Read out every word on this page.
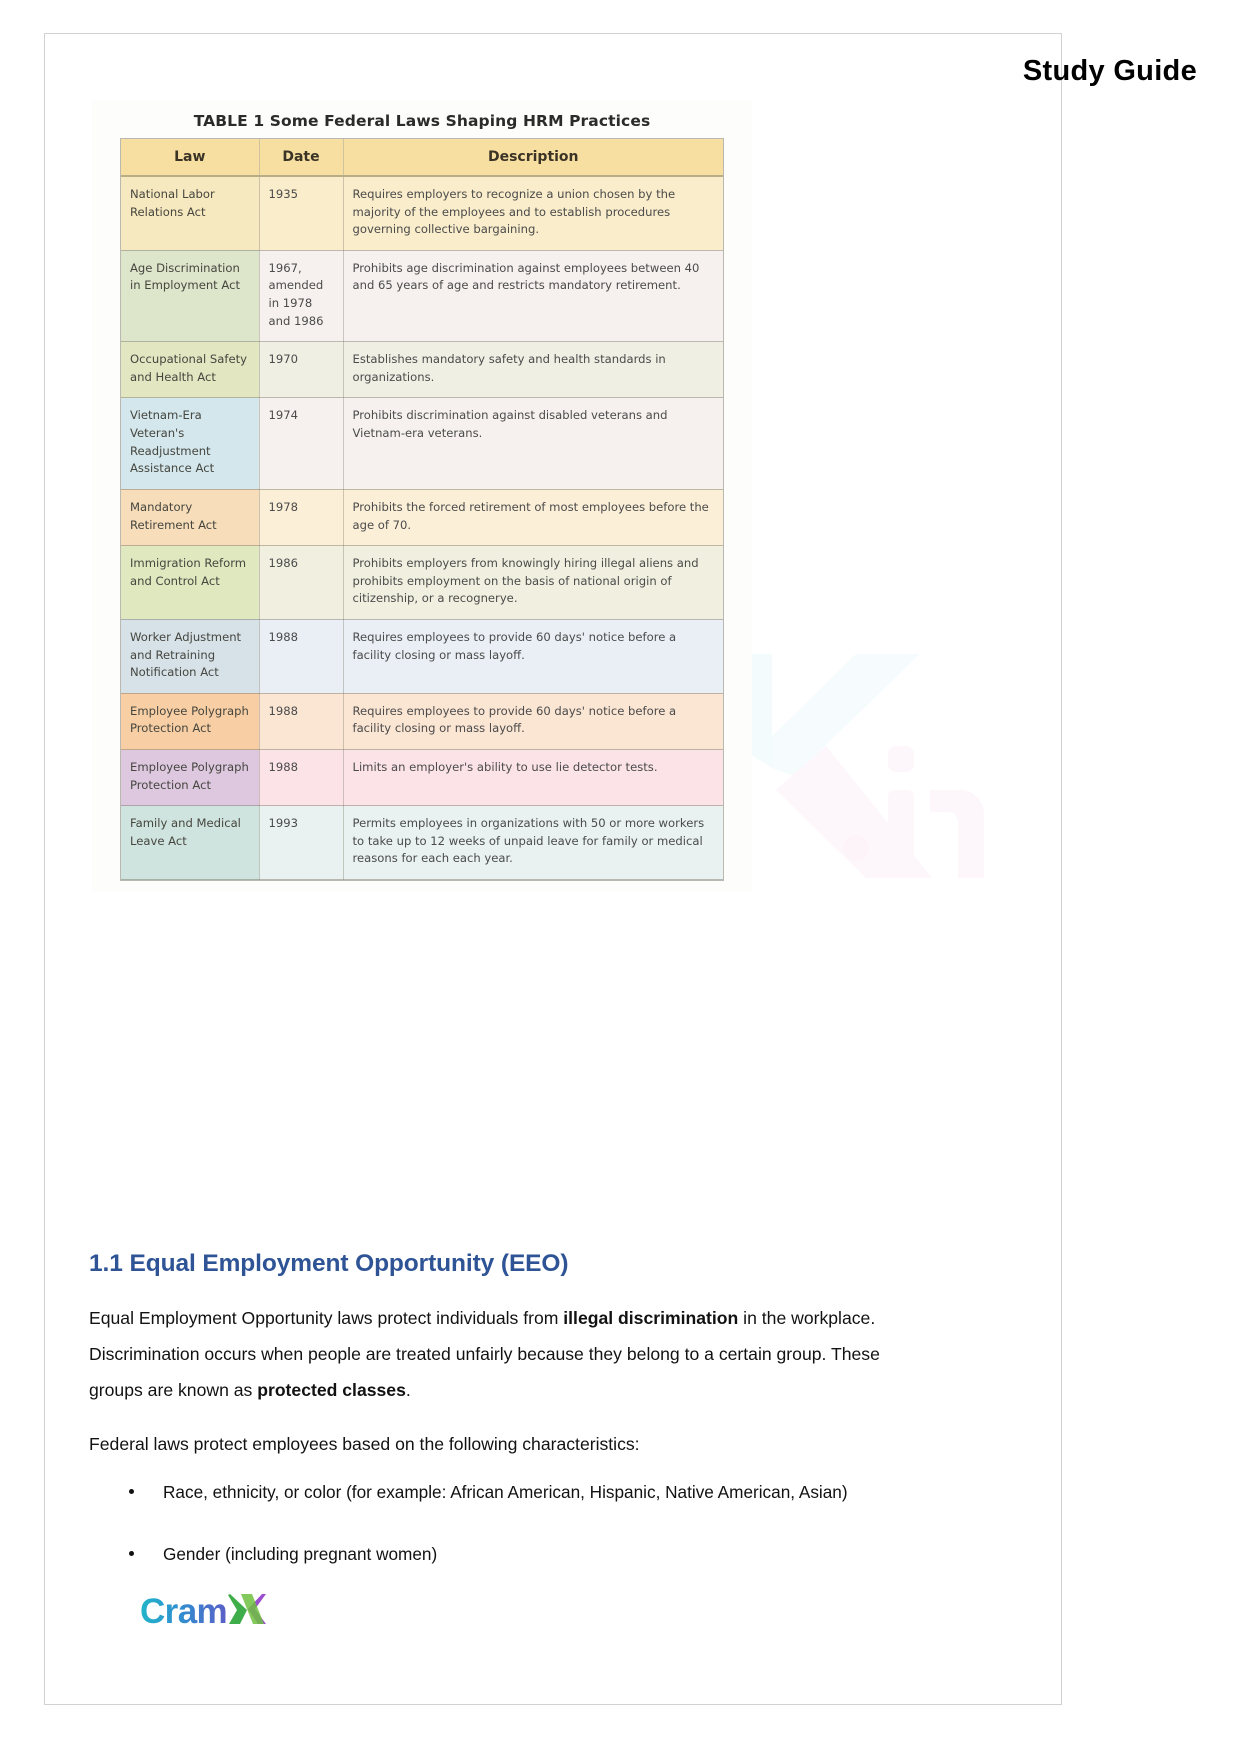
Study Guide
TABLE 1 Some Federal Laws Shaping HRM Practices
Law	Date	Description
National Labor Relations Act	1935	Requires employers to recognize a union chosen by the majority of the employees and to establish procedures governing collective bargaining.
Age Discrimination in Employment Act	1967, amended in 1978 and 1986	Prohibits age discrimination against employees between 40 and 65 years of age and restricts mandatory retirement.
Occupational Safety and Health Act	1970	Establishes mandatory safety and health standards in organizations.
Vietnam-Era Veteran's Readjustment Assistance Act	1974	Prohibits discrimination against disabled veterans and Vietnam-era veterans.
Mandatory Retirement Act	1978	Prohibits the forced retirement of most employees before the age of 70.
Immigration Reform and Control Act	1986	Prohibits employers from knowingly hiring illegal aliens and prohibits employment on the basis of national origin of citizenship, or a recognerye.
Worker Adjustment and Retraining Notification Act	1988	Requires employees to provide 60 days' notice before a facility closing or mass layoff.
Employee Polygraph Protection Act	1988	Requires employees to provide 60 days' notice before a facility closing or mass layoff.
Employee Polygraph Protection Act	1988	Limits an employer's ability to use lie detector tests.
Family and Medical Leave Act	1993	Permits employees in organizations with 50 or more workers to take up to 12 weeks of unpaid leave for family or medical reasons for each each year.
1.1 Equal Employment Opportunity (EEO)

Equal Employment Opportunity laws protect individuals from illegal discrimination in the workplace. Discrimination occurs when people are treated unfairly because they belong to a certain group. These groups are known as protected classes.

Federal laws protect employees based on the following characteristics:

Race, ethnicity, or color (for example: African American, Hispanic, Native American, Asian)
Gender (including pregnant women)
Cram
